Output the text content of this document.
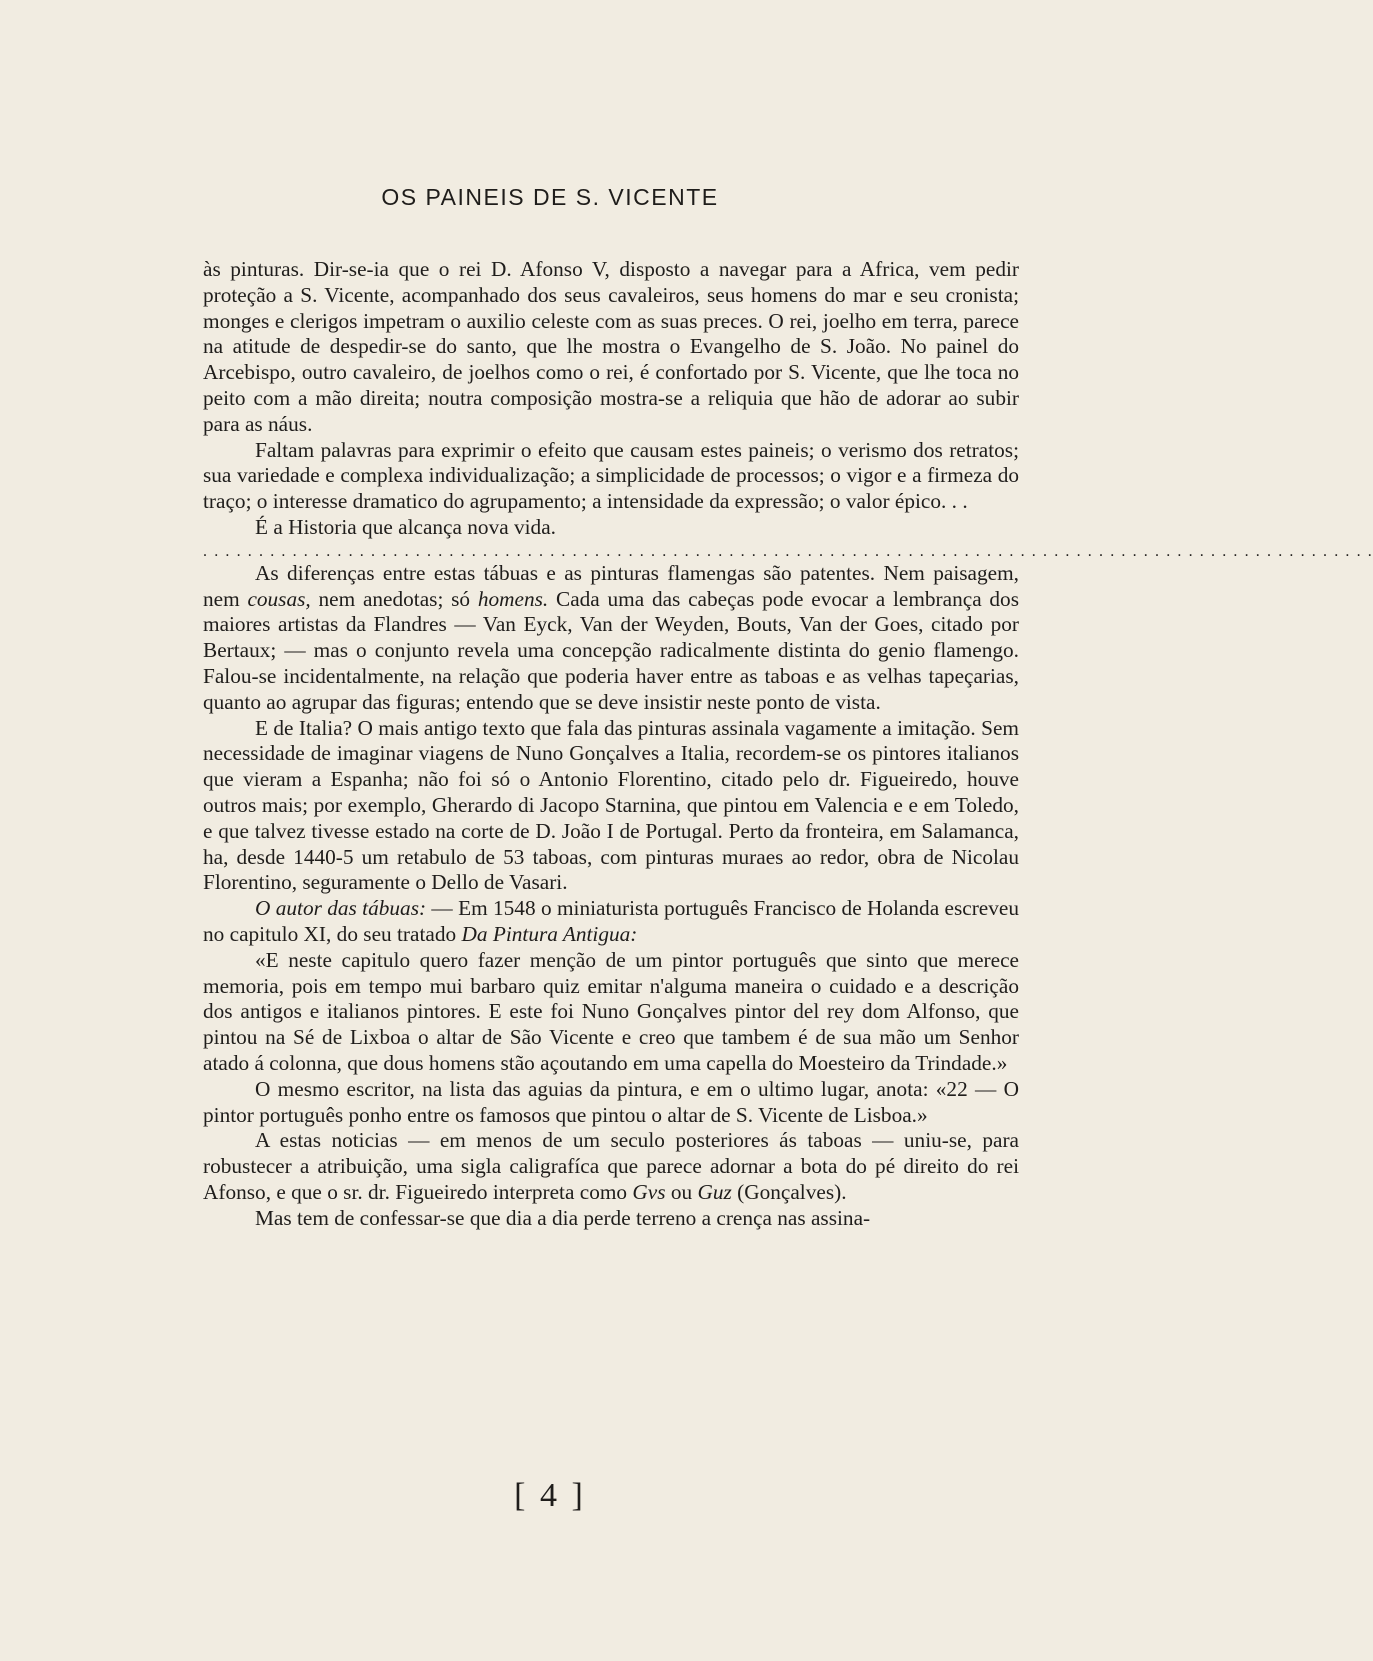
OS PAINEIS DE S. VICENTE

às pinturas. Dir-se-ia que o rei D. Afonso V, disposto a navegar para a Africa, vem pedir proteção a S. Vicente, acompanhado dos seus cavaleiros, seus homens do mar e seu cronista; monges e clerigos impetram o auxilio celeste com as suas preces. O rei, joelho em terra, parece na atitude de despedir-se do santo, que lhe mostra o Evangelho de S. João. No painel do Arcebispo, outro cavaleiro, de joelhos como o rei, é confortado por S. Vicente, que lhe toca no peito com a mão direita; noutra composição mostra-se a reliquia que hão de adorar ao subir para as náus.

Faltam palavras para exprimir o efeito que causam estes paineis; o verismo dos retratos; sua variedade e complexa individualização; a simplicidade de processos; o vigor e a firmeza do traço; o interesse dramatico do agrupamento; a intensidade da expressão; o valor épico. . .

É a Historia que alcança nova vida.

. . . . . . . . . . . . . . . . . . . . . . . . . . . . . . . . . . . . . . . . . . . . . . . . . . . . . . . . . . . . . . . . . . . . . . . . . . . . . . . . . . . . . . . . . . . . . . . . . . . . . . . . .

As diferenças entre estas tábuas e as pinturas flamengas são patentes. Nem paisagem, nem cousas, nem anedotas; só homens. Cada uma das cabeças pode evocar a lembrança dos maiores artistas da Flandres — Van Eyck, Van der Weyden, Bouts, Van der Goes, citado por Bertaux; — mas o conjunto revela uma concepção radicalmente distinta do genio flamengo. Falou-se incidentalmente, na relação que poderia haver entre as taboas e as velhas tapeçarias, quanto ao agrupar das figuras; entendo que se deve insistir neste ponto de vista.

E de Italia? O mais antigo texto que fala das pinturas assinala vagamente a imitação. Sem necessidade de imaginar viagens de Nuno Gonçalves a Italia, recordem-se os pintores italianos que vieram a Espanha; não foi só o Antonio Florentino, citado pelo dr. Figueiredo, houve outros mais; por exemplo, Gherardo di Jacopo Starnina, que pintou em Valencia e e em Toledo, e que talvez tivesse estado na corte de D. João I de Portugal. Perto da fronteira, em Salamanca, ha, desde 1440-5 um retabulo de 53 taboas, com pinturas muraes ao redor, obra de Nicolau Florentino, seguramente o Dello de Vasari.

O autor das tábuas: — Em 1548 o miniaturista português Francisco de Holanda escreveu no capitulo XI, do seu tratado Da Pintura Antigua:

«E neste capitulo quero fazer menção de um pintor português que sinto que merece memoria, pois em tempo mui barbaro quiz emitar n'alguma maneira o cuidado e a descrição dos antigos e italianos pintores. E este foi Nuno Gonçalves pintor del rey dom Alfonso, que pintou na Sé de Lixboa o altar de São Vicente e creo que tambem é de sua mão um Senhor atado á colonna, que dous homens stão açoutando em uma capella do Moesteiro da Trindade.»

O mesmo escritor, na lista das aguias da pintura, e em o ultimo lugar, anota: «22 — O pintor português ponho entre os famosos que pintou o altar de S. Vicente de Lisboa.»

A estas noticias — em menos de um seculo posteriores ás taboas — uniu-se, para robustecer a atribuição, uma sigla caligrafíca que parece adornar a bota do pé direito do rei Afonso, e que o sr. dr. Figueiredo interpreta como Gvs ou Guz (Gonçalves).

Mas tem de confessar-se que dia a dia perde terreno a crença nas assina-

[ 4 ]
